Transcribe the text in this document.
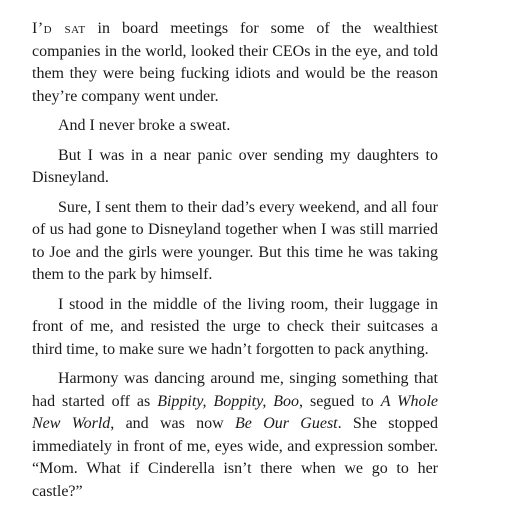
I’d sat in board meetings for some of the wealthiest companies in the world, looked their CEOs in the eye, and told them they were being fucking idiots and would be the reason they’re company went under.

And I never broke a sweat.

But I was in a near panic over sending my daughters to Disneyland.

Sure, I sent them to their dad’s every weekend, and all four of us had gone to Disneyland together when I was still married to Joe and the girls were younger. But this time he was taking them to the park by himself.

I stood in the middle of the living room, their luggage in front of me, and resisted the urge to check their suitcases a third time, to make sure we hadn’t forgotten to pack anything.

Harmony was dancing around me, singing something that had started off as Bippity, Boppity, Boo, segued to A Whole New World, and was now Be Our Guest. She stopped immediately in front of me, eyes wide, and expression somber. “Mom. What if Cinderella isn’t there when we go to her castle?”
